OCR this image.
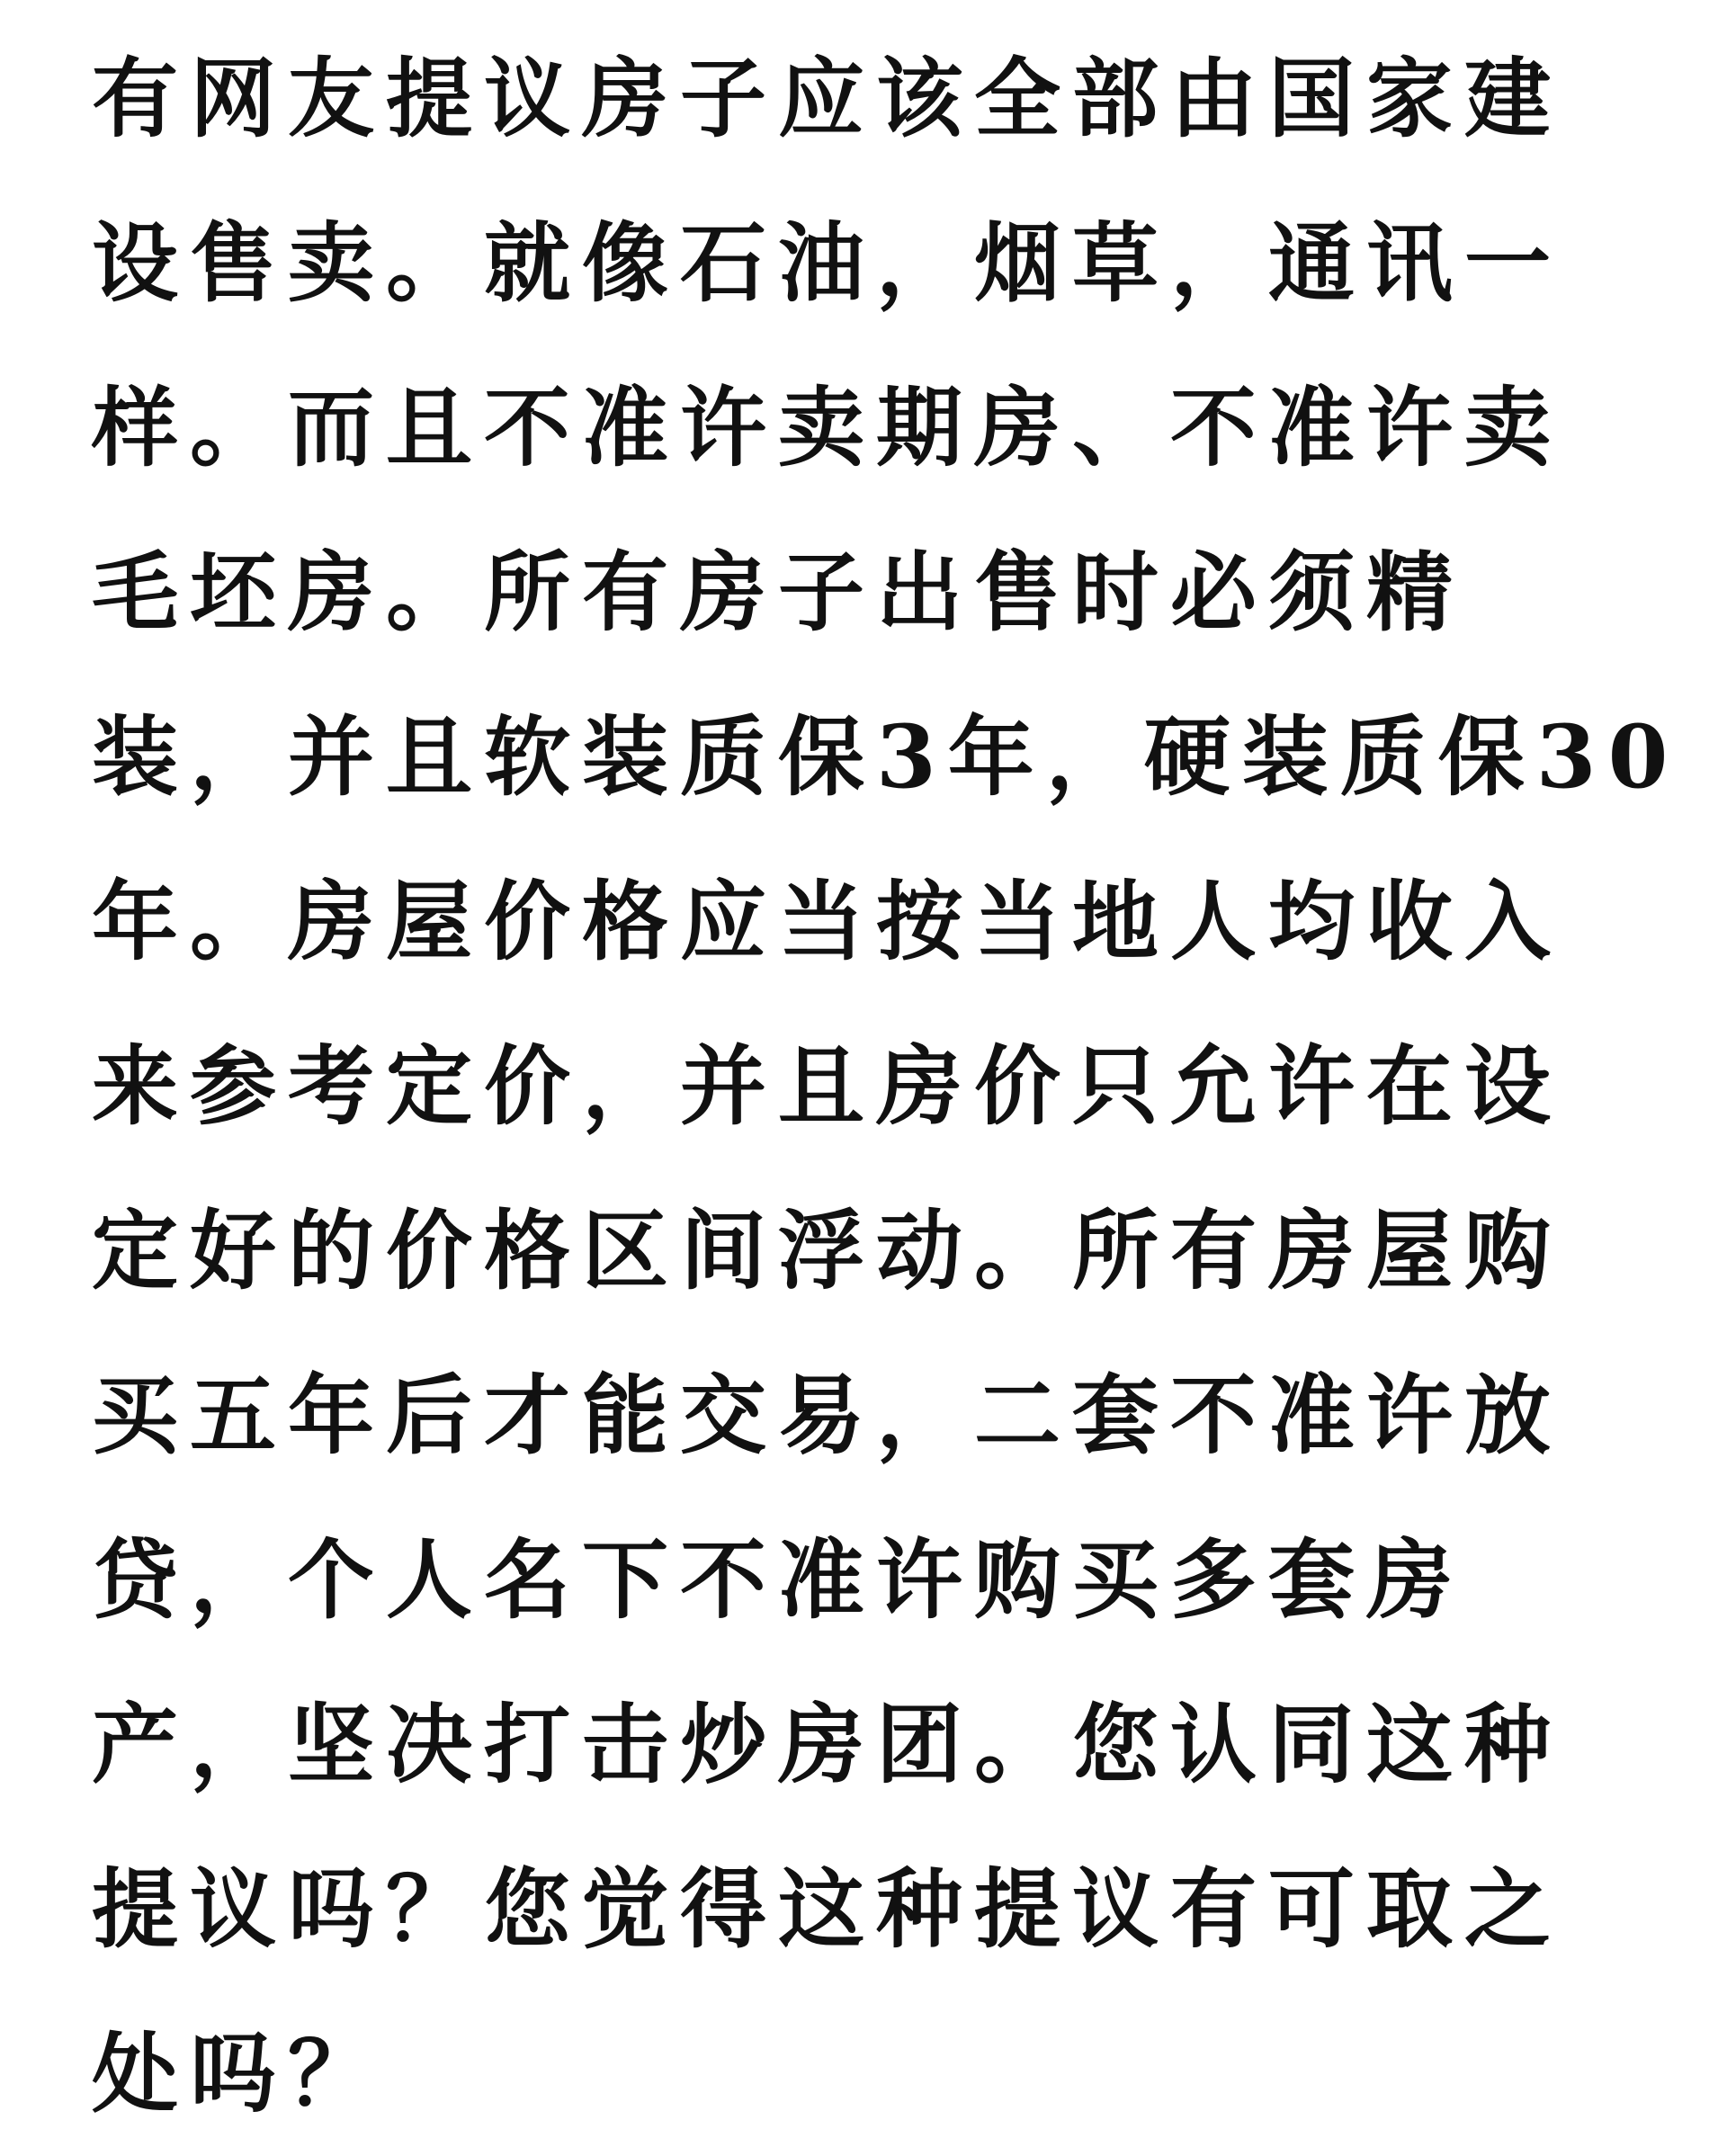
有网友提议房子应该全部由国家建
设售卖。就像石油，烟草，通讯一
样。而且不准许卖期房、不准许卖
毛坯房。所有房子出售时必须精
装，并且软装质保3年，硬装质保30
年。房屋价格应当按当地人均收入
来参考定价，并且房价只允许在设
定好的价格区间浮动。所有房屋购
买五年后才能交易，二套不准许放
贷，个人名下不准许购买多套房
产，坚决打击炒房团。您认同这种
提议吗？您觉得这种提议有可取之
处吗？
